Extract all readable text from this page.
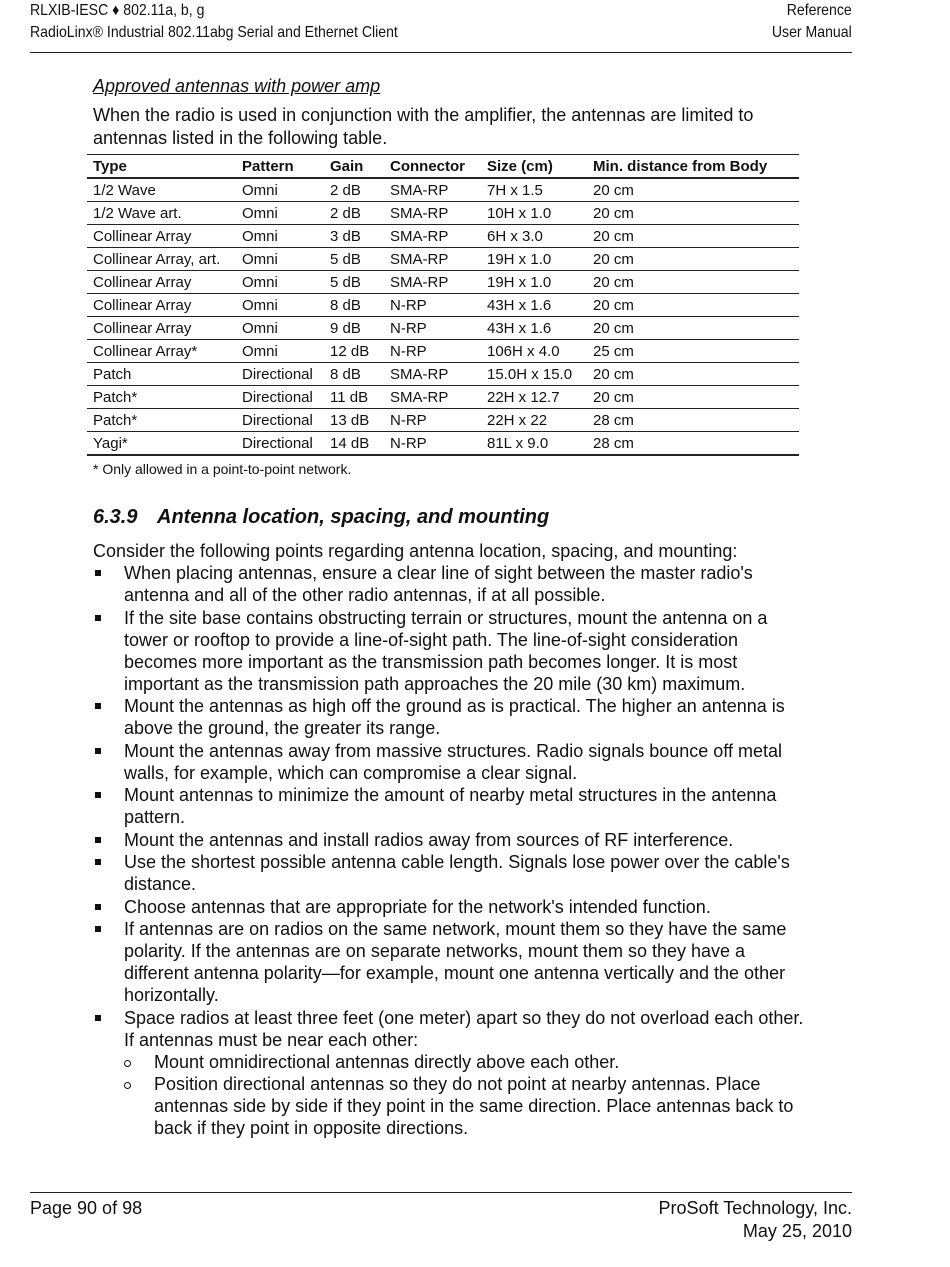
RLXIB-IESC ♦ 802.11a, b, g
RadioLinx® Industrial 802.11abg Serial and Ethernet Client
Reference
User Manual

Approved antennas with power amp

When the radio is used in conjunction with the amplifier, the antennas are limited to antennas listed in the following table.

Type	Pattern	Gain	Connector	Size (cm)	Min. distance from Body
1/2 Wave	Omni	2 dB	SMA-RP	7H x 1.5	20 cm
1/2 Wave art.	Omni	2 dB	SMA-RP	10H x 1.0	20 cm
Collinear Array	Omni	3 dB	SMA-RP	6H x 3.0	20 cm
Collinear Array, art.	Omni	5 dB	SMA-RP	19H x 1.0	20 cm
Collinear Array	Omni	5 dB	SMA-RP	19H x 1.0	20 cm
Collinear Array	Omni	8 dB	N-RP	43H x 1.6	20 cm
Collinear Array	Omni	9 dB	N-RP	43H x 1.6	20 cm
Collinear Array*	Omni	12 dB	N-RP	106H x 4.0	25 cm
Patch	Directional	8 dB	SMA-RP	15.0H x 15.0	20 cm
Patch*	Directional	11 dB	SMA-RP	22H x 12.7	20 cm
Patch*	Directional	13 dB	N-RP	22H x 22	28 cm
Yagi*	Directional	14 dB	N-RP	81L x 9.0	28 cm

* Only allowed in a point-to-point network.

6.3.9 Antenna location, spacing, and mounting

Consider the following points regarding antenna location, spacing, and mounting:

When placing antennas, ensure a clear line of sight between the master radio's antenna and all of the other radio antennas, if at all possible.
If the site base contains obstructing terrain or structures, mount the antenna on a tower or rooftop to provide a line-of-sight path. The line-of-sight consideration becomes more important as the transmission path becomes longer. It is most important as the transmission path approaches the 20 mile (30 km) maximum.
Mount the antennas as high off the ground as is practical. The higher an antenna is above the ground, the greater its range.
Mount the antennas away from massive structures. Radio signals bounce off metal walls, for example, which can compromise a clear signal.
Mount antennas to minimize the amount of nearby metal structures in the antenna pattern.
Mount the antennas and install radios away from sources of RF interference.
Use the shortest possible antenna cable length. Signals lose power over the cable's distance.
Choose antennas that are appropriate for the network's intended function.
If antennas are on radios on the same network, mount them so they have the same polarity. If the antennas are on separate networks, mount them so they have a different antenna polarity—for example, mount one antenna vertically and the other horizontally.
Space radios at least three feet (one meter) apart so they do not overload each other. If antennas must be near each other:
Mount omnidirectional antennas directly above each other.
Position directional antennas so they do not point at nearby antennas. Place antennas side by side if they point in the same direction. Place antennas back to back if they point in opposite directions.
Page 90 of 98	ProSoft Technology, Inc.
May 25, 2010
